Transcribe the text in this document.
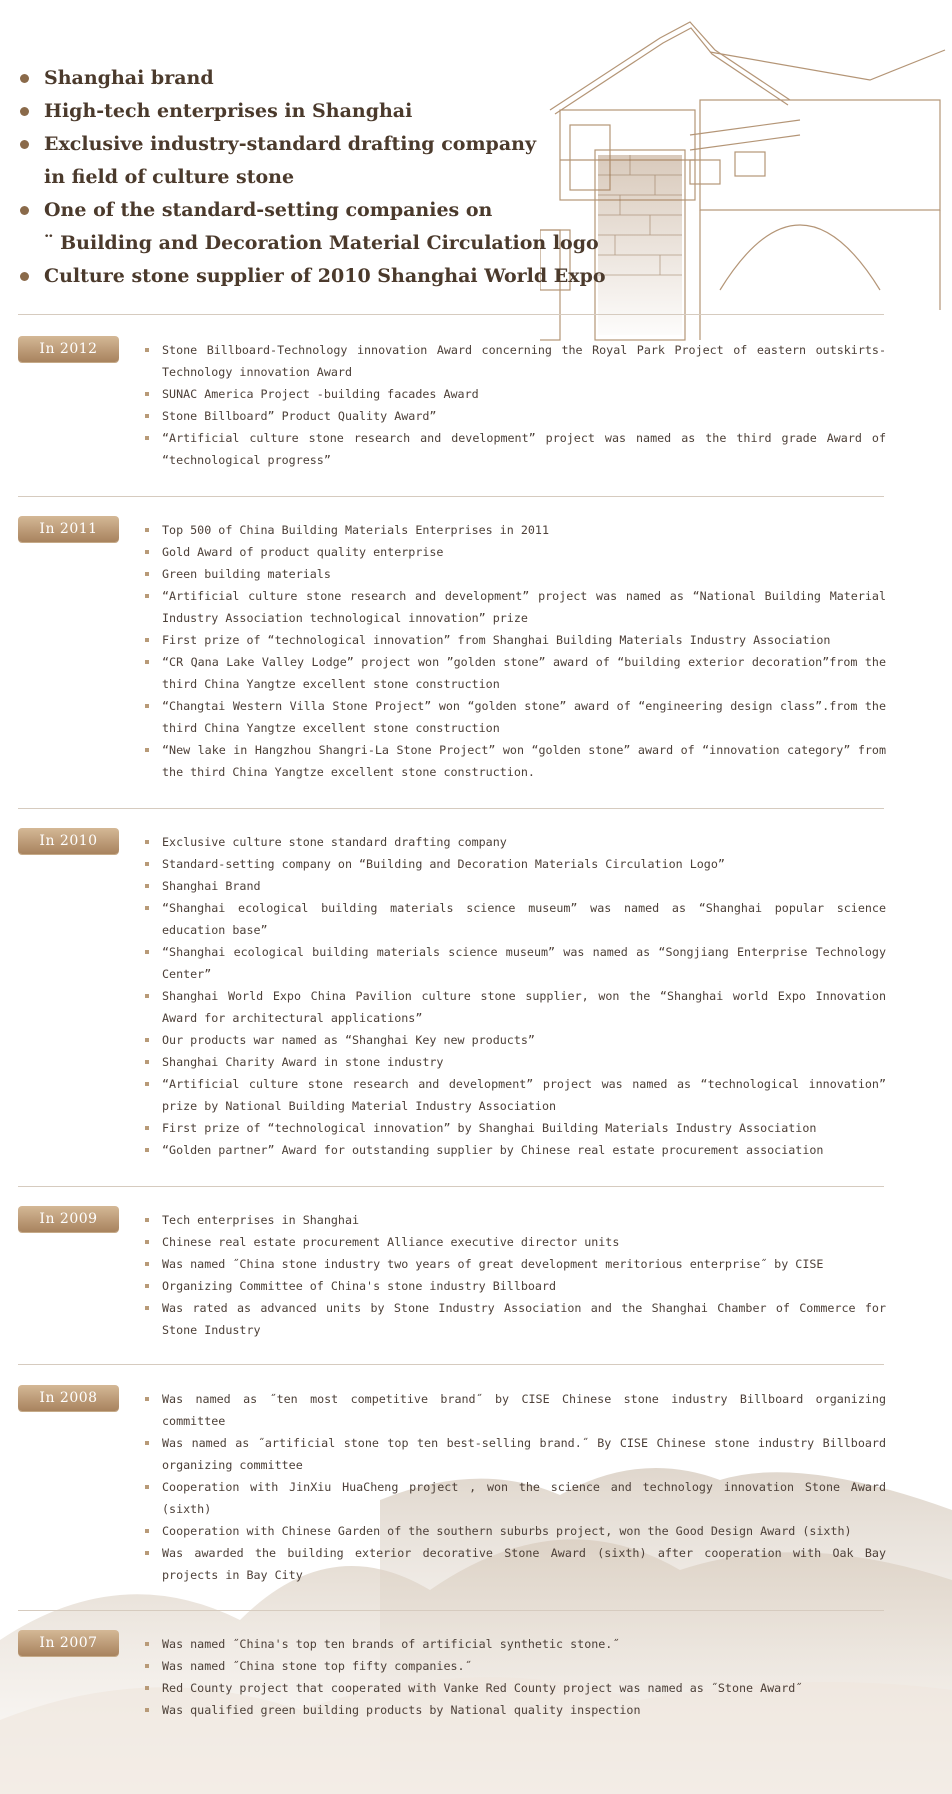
Shanghai brand
High-tech enterprises in Shanghai
Exclusive industry-standard drafting company
in field of culture stone
One of the standard-setting companies on
¨ Building and Decoration Material Circulation logo
Culture stone supplier of 2010 Shanghai World Expo
In 2012	Stone Billboard-Technology innovation Award concerning the Royal Park Project of eastern outskirts-Technology innovation Award
SUNAC America Project -building facades Award
Stone Billboard” Product Quality Award”
“Artificial culture stone research and development” project was named as the third grade Award of “technological progress”
In 2011	Top 500 of China Building Materials Enterprises in 2011
Gold Award of product quality enterprise
Green building materials
“Artificial culture stone research and development” project was named as “National Building Material Industry Association technological innovation” prize
First prize of “technological innovation” from Shanghai Building Materials Industry Association
“CR Qana Lake Valley Lodge” project won ”golden stone” award of “building exterior decoration”from the third China Yangtze excellent stone construction
“Changtai Western Villa Stone Project” won “golden stone” award of “engineering design class”.from the third China Yangtze excellent stone construction
“New lake in Hangzhou Shangri-La Stone Project” won “golden stone” award of “innovation category” from the third China Yangtze excellent stone construction.
In 2010	Exclusive culture stone standard drafting company
Standard-setting company on “Building and Decoration Materials Circulation Logo”
Shanghai Brand
“Shanghai ecological building materials science museum” was named as “Shanghai popular science education base”
“Shanghai ecological building materials science museum” was named as “Songjiang Enterprise Technology Center”
Shanghai World Expo China Pavilion culture stone supplier, won the “Shanghai world Expo Innovation Award for architectural applications”
Our products war named as “Shanghai Key new products”
Shanghai Charity Award in stone industry
“Artificial culture stone research and development” project was named as “technological innovation” prize by National Building Material Industry Association
First prize of “technological innovation” by Shanghai Building Materials Industry Association
“Golden partner” Award for outstanding supplier by Chinese real estate procurement association
In 2009	Tech enterprises in Shanghai
Chinese real estate procurement Alliance executive director units
Was named ˝China stone industry two years of great development meritorious enterprise˝ by CISE
Organizing Committee of China's stone industry Billboard
Was rated as advanced units by Stone Industry Association and the Shanghai Chamber of Commerce for Stone Industry
In 2008	Was named as ˝ten most competitive brand˝ by CISE Chinese stone industry Billboard organizing committee
Was named as ˝artificial stone top ten best-selling brand.˝ By CISE Chinese stone industry Billboard organizing committee
Cooperation with JinXiu HuaCheng project , won the science and technology innovation Stone Award (sixth)
Cooperation with Chinese Garden of the southern suburbs project, won the Good Design Award (sixth)
Was awarded the building exterior decorative Stone Award (sixth) after cooperation with Oak Bay projects in Bay City
In 2007	Was named ˝China's top ten brands of artificial synthetic stone.˝
Was named ˝China stone top fifty companies.˝
Red County project that cooperated with Vanke Red County project was named as ˝Stone Award˝
Was qualified green building products by National quality inspection
